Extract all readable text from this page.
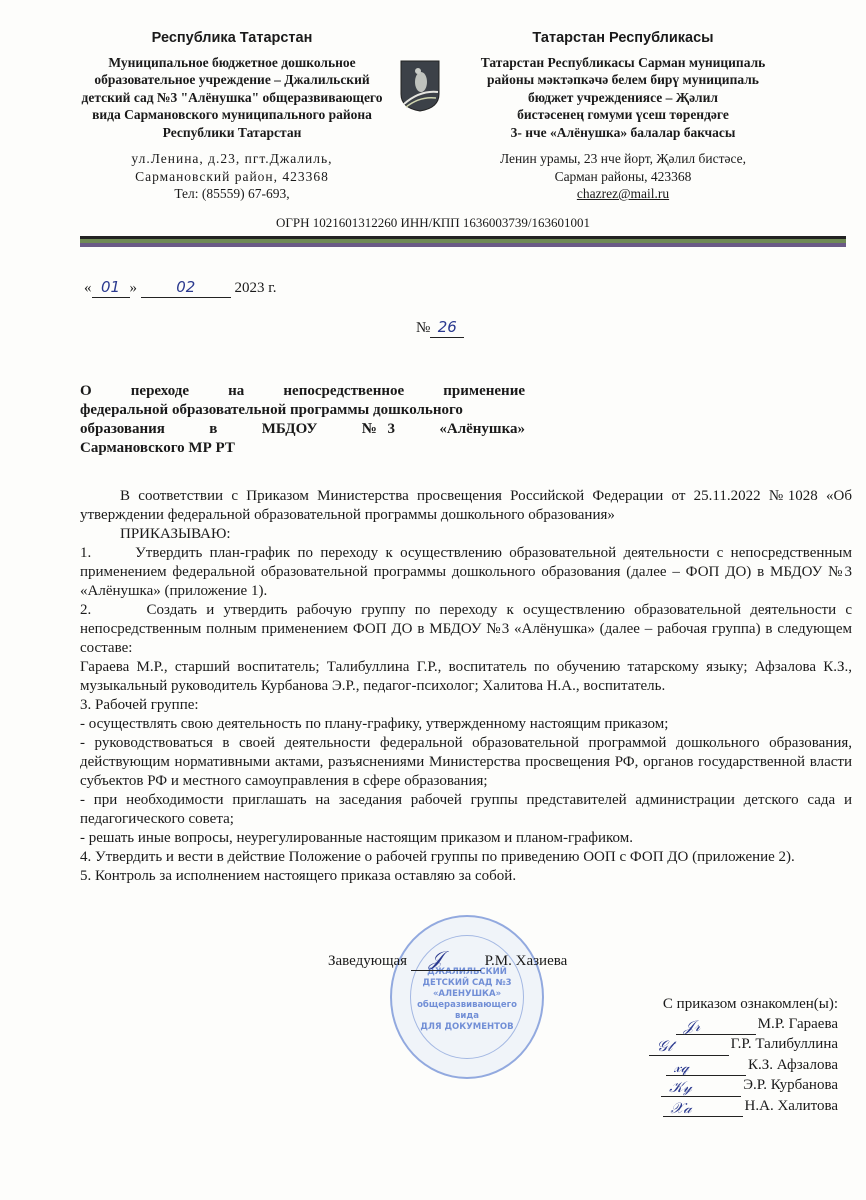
Республика Татарстан
Муниципальное бюджетное дошкольное
образовательное учреждение – Джалильский
детский сад №3 "Алёнушка" общеразвивающего
вида Сармановского муниципального района
Республики Татарстан
ул.Ленина, д.23, пгт.Джалиль,
Сармановский район, 423368
Тел: (85559) 67-693,
Татарстан Республикасы
Татарстан Республикасы Сарман муниципаль
районы мәктәпкәчә белем бирү муниципаль
бюджет учреждениясе – Җәлил
бистәсенең гомуми үсеш төрендәге
3- нче «Алёнушка» балалар бакчасы
Ленин урамы, 23 нче йорт, Җәлил бистәсе,
Сарман районы, 423368
chazrez@mail.ru
ОГРН 1021601312260 ИНН/КПП 1636003739/163601001
« 01 » 02	2023 г.
№ 26
О переходе на непосредственное применение
федеральной образовательной программы дошкольного
образования в МБДОУ №3 «Алёнушка»
Сармановского МР РТ

В соответствии с Приказом Министерства просвещения Российской Федерации от 25.11.2022 №1028 «Об утверждении федеральной образовательной программы дошкольного образования»

ПРИКАЗЫВАЮ:

1.      Утвердить план-график по переходу к осуществлению образовательной деятельности с непосредственным применением федеральной образовательной программы дошкольного образования (далее – ФОП ДО) в МБДОУ №3 «Алёнушка» (приложение 1).

2.      Создать и утвердить рабочую группу по переходу к осуществлению образовательной деятельности с непосредственным полным применением ФОП ДО в МБДОУ №3 «Алёнушка» (далее – рабочая группа) в следующем составе:

Гараева М.Р., старший воспитатель; Талибуллина Г.Р., воспитатель по обучению татарскому языку; Афзалова К.З., музыкальный руководитель Курбанова Э.Р., педагог-психолог; Халитова Н.А., воспитатель.

3. Рабочей группе:

- осуществлять свою деятельность по плану-графику, утвержденному настоящим приказом;

- руководствоваться в своей деятельности федеральной образовательной программой дошкольного образования, действующим нормативными актами, разъяснениями Министерства просвещения РФ, органов государственной власти субъектов РФ и местного самоуправления в сфере образования;

- при необходимости приглашать на заседания рабочей группы представителей администрации детского сада и педагогического совета;

- решать иные вопросы, неурегулированные настоящим приказом и планом-графиком.

4. Утвердить и вести в действие Положение о рабочей группы по приведению ООП с ФОП ДО (приложение 2).

5. Контроль за исполнением настоящего приказа оставляю за собой.

ДЖАЛИЛЬСКИЙ
ДЕТСКИЙ САД №3
«АЛЕНУШКА»
общеразвивающего
вида
ДЛЯ ДОКУМЕНТОВ
Заведующая 𝒥	Р.М. Хазиева
С приказом ознакомлен(ы):
𝒥𝓇	М.Р. Гараева
𝒢𝓉	Г.Р. Талибуллина
𝓍𝓆	К.З. Афзалова
𝒦𝓎	Э.Р. Курбанова
𝒳𝒶	Н.А. Халитова
